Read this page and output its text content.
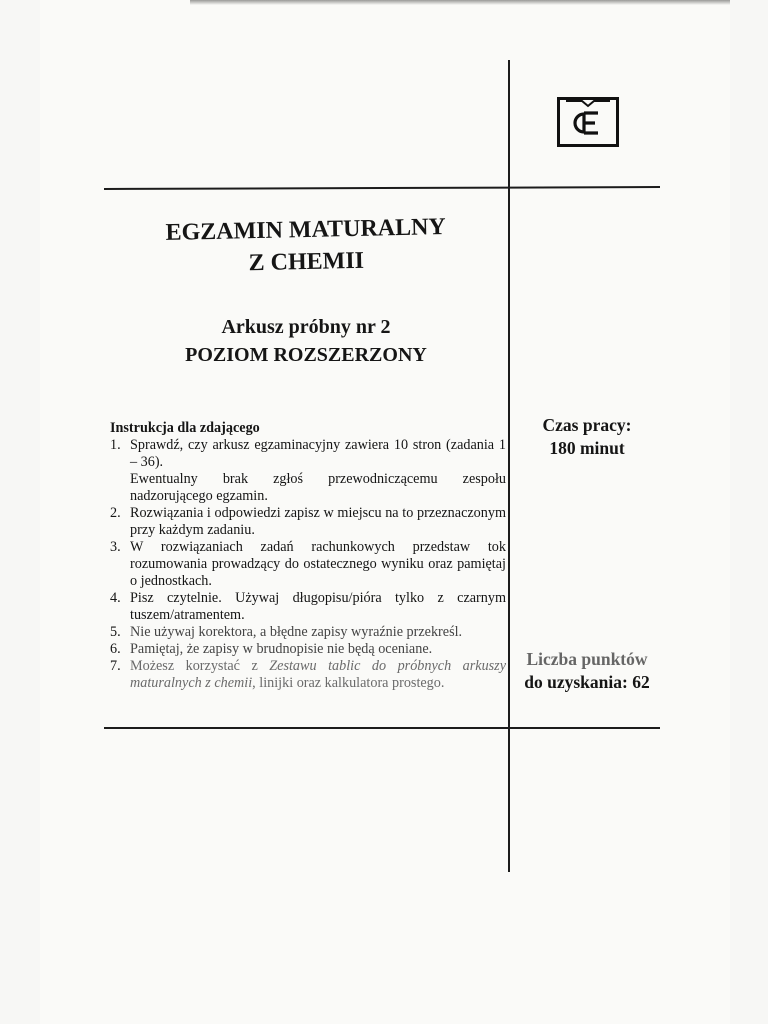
EGZAMIN MATURALNY
Z CHEMII
Arkusz próbny nr 2
POZIOM ROZSZERZONY
Instrukcja dla zdającego
1. Sprawdź, czy arkusz egzaminacyjny zawiera 10 stron (zadania 1 – 36).
Ewentualny brak zgłoś przewodniczącemu zespołu nadzorującego egzamin.
2. Rozwiązania i odpowiedzi zapisz w miejscu na to przeznaczonym przy każdym zadaniu.
3. W rozwiązaniach zadań rachunkowych przedstaw tok rozumowania prowadzący do ostatecznego wyniku oraz pamiętaj o jednostkach.
4. Pisz czytelnie. Używaj długopisu/pióra tylko z czarnym tuszem/atramentem.
5. Nie używaj korektora, a błędne zapisy wyraźnie przekreśl.
6. Pamiętaj, że zapisy w brudnopisie nie będą oceniane.
7. Możesz korzystać z Zestawu tablic do próbnych arkuszy maturalnych z chemii, linijki oraz kalkulatora prostego.
Czas pracy:
180 minut
Liczba punktów
do uzyskania: 62
